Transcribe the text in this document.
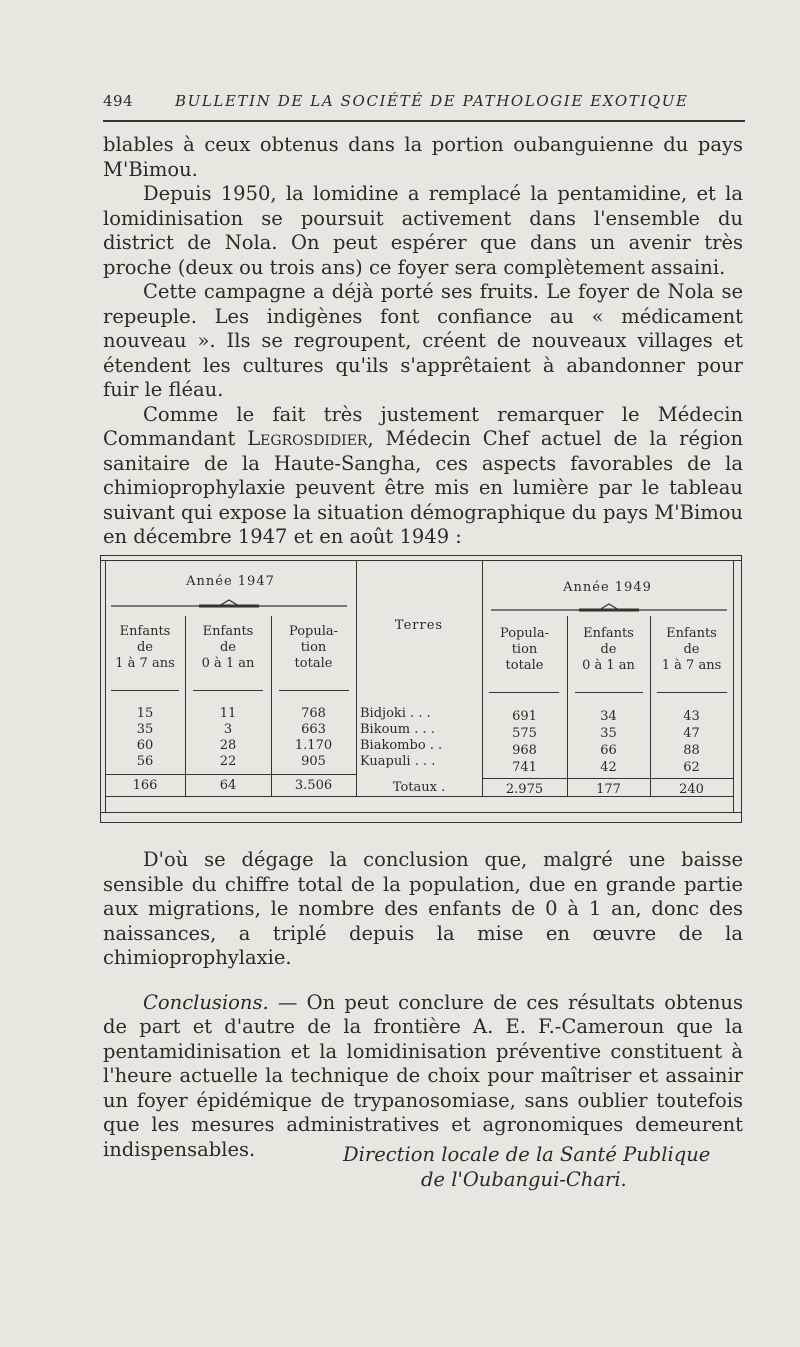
494	BULLETIN DE LA SOCIÉTÉ DE PATHOLOGIE EXOTIQUE

blables à ceux obtenus dans la portion oubanguienne du pays M'Bimou.

Depuis 1950, la lomidine a remplacé la pentamidine, et la lomidinisation se poursuit activement dans l'ensemble du district de Nola. On peut espérer que dans un avenir très proche (deux ou trois ans) ce foyer sera complètement assaini.

Cette campagne a déjà porté ses fruits. Le foyer de Nola se repeuple. Les indigènes font confiance au « médicament nouveau ». Ils se regroupent, créent de nouveaux villages et étendent les cultures qu'ils s'apprêtaient à abandonner pour fuir le fléau.

Comme le fait très justement remarquer le Médecin Commandant Legrosdidier, Médecin Chef actuel de la région sanitaire de la Haute-Sangha, ces aspects favorables de la chimioprophylaxie peuvent être mis en lumière par le tableau suivant qui expose la situation démographique du pays M'Bimou en décembre 1947 et en août 1949 :

Année 1947	Année 1949
Enfants
de
1 à 7 ans
Enfants
de
0 à 1 an
Popula-
tion
totale
Terres
Popula-
tion
totale
Enfants
de
0 à 1 an
Enfants
de
1 à 7 ans
15	11	768	Bidjoki . . .	691	34	43
35	3	663	Bikoum . . .	575	35	47
60	28	1.170	Biakombo . .	968	66	88
56	22	905	Kuapuli . . .	741	42	62
166	64	3.506	Totaux .	2.975	177	240

D'où se dégage la conclusion que, malgré une baisse sensible du chiffre total de la population, due en grande partie aux migrations, le nombre des enfants de 0 à 1 an, donc des naissances, a triplé depuis la mise en œuvre de la chimioprophylaxie.

Conclusions. — On peut conclure de ces résultats obtenus de part et d'autre de la frontière A. E. F.-Cameroun que la pentamidinisation et la lomidinisation préventive constituent à l'heure actuelle la technique de choix pour maîtriser et assainir un foyer épidémique de trypanosomiase, sans oublier toutefois que les mesures administratives et agronomiques demeurent indispensables.	Direction locale de la Santé Publique
de l'Oubangui-Chari.
